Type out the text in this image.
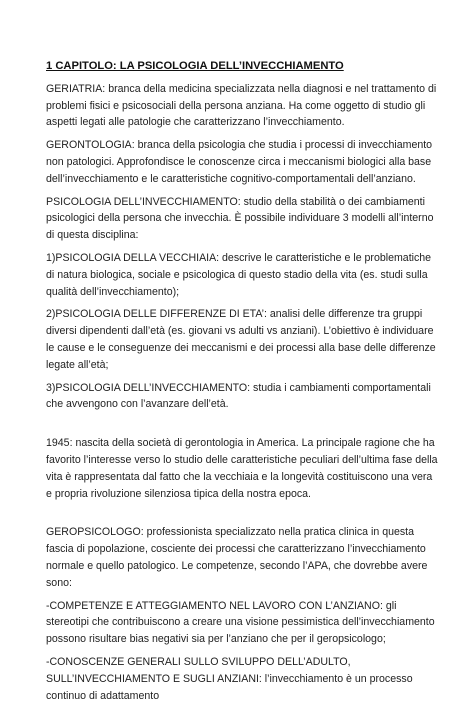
1 CAPITOLO: LA PSICOLOGIA DELL’INVECCHIAMENTO

GERIATRIA: branca della medicina specializzata nella diagnosi e nel trattamento di problemi fisici e psicosociali della persona anziana. Ha come oggetto di studio gli aspetti legati alle patologie che caratterizzano l’invecchiamento.

GERONTOLOGIA: branca della psicologia che studia i processi di invecchiamento non patologici. Approfondisce le conoscenze circa i meccanismi biologici alla base dell’invecchiamento e le caratteristiche cognitivo-comportamentali dell’anziano.

PSICOLOGIA DELL’INVECCHIAMENTO: studio della stabilità o dei cambiamenti psicologici della persona che invecchia. È possibile individuare 3 modelli all’interno di questa disciplina:

1)PSICOLOGIA DELLA VECCHIAIA: descrive le caratteristiche e le problematiche di natura biologica, sociale e psicologica di questo stadio della vita (es. studi sulla qualità dell’invecchiamento);

2)PSICOLOGIA DELLE DIFFERENZE DI ETA’: analisi delle differenze tra gruppi diversi dipendenti dall’età (es. giovani vs adulti vs anziani). L’obiettivo è individuare le cause e le conseguenze dei meccanismi e dei processi alla base delle differenze legate all’età;

3)PSICOLOGIA DELL’INVECCHIAMENTO: studia i cambiamenti comportamentali che avvengono con l’avanzare dell’età.

1945: nascita della società di gerontologia in America. La principale ragione che ha favorito l’interesse verso lo studio delle caratteristiche peculiari dell’ultima fase della vita è rappresentata dal fatto che la vecchiaia e la longevità costituiscono una vera e propria rivoluzione silenziosa tipica della nostra epoca.

GEROPSICOLOGO: professionista specializzato nella pratica clinica in questa fascia di popolazione, cosciente dei processi che caratterizzano l’invecchiamento normale e quello patologico. Le competenze, secondo l’APA, che dovrebbe avere sono:

-COMPETENZE E ATTEGGIAMENTO NEL LAVORO CON L’ANZIANO: gli stereotipi che contribuiscono a creare una visione pessimistica dell’invecchiamento possono risultare bias negativi sia per l’anziano che per il geropsicologo;

-CONOSCENZE GENERALI SULLO SVILUPPO DELL’ADULTO, SULL’INVECCHIAMENTO E SUGLI ANZIANI: l’invecchiamento è un processo continuo di adattamento
